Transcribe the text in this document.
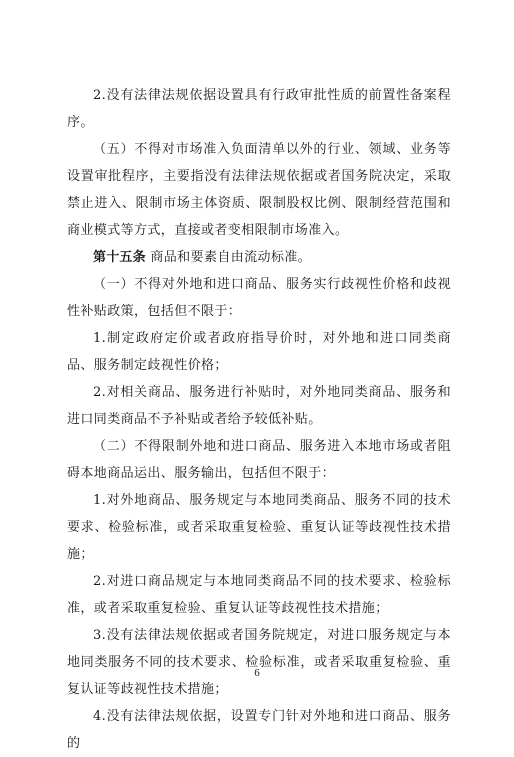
2.没有法律法规依据设置具有行政审批性质的前置性备案程序。

（五）不得对市场准入负面清单以外的行业、领域、业务等设置审批程序，主要指没有法律法规依据或者国务院决定，采取禁止进入、限制市场主体资质、限制股权比例、限制经营范围和商业模式等方式，直接或者变相限制市场准入。

第十五条 商品和要素自由流动标准。

（一）不得对外地和进口商品、服务实行歧视性价格和歧视性补贴政策，包括但不限于：

1.制定政府定价或者政府指导价时，对外地和进口同类商品、服务制定歧视性价格；

2.对相关商品、服务进行补贴时，对外地同类商品、服务和进口同类商品不予补贴或者给予较低补贴。

（二）不得限制外地和进口商品、服务进入本地市场或者阻碍本地商品运出、服务输出，包括但不限于：

1.对外地商品、服务规定与本地同类商品、服务不同的技术要求、检验标准，或者采取重复检验、重复认证等歧视性技术措施；

2.对进口商品规定与本地同类商品不同的技术要求、检验标准，或者采取重复检验、重复认证等歧视性技术措施；

3.没有法律法规依据或者国务院规定，对进口服务规定与本地同类服务不同的技术要求、检验标准，或者采取重复检验、重复认证等歧视性技术措施；

4.没有法律法规依据，设置专门针对外地和进口商品、服务的

6
